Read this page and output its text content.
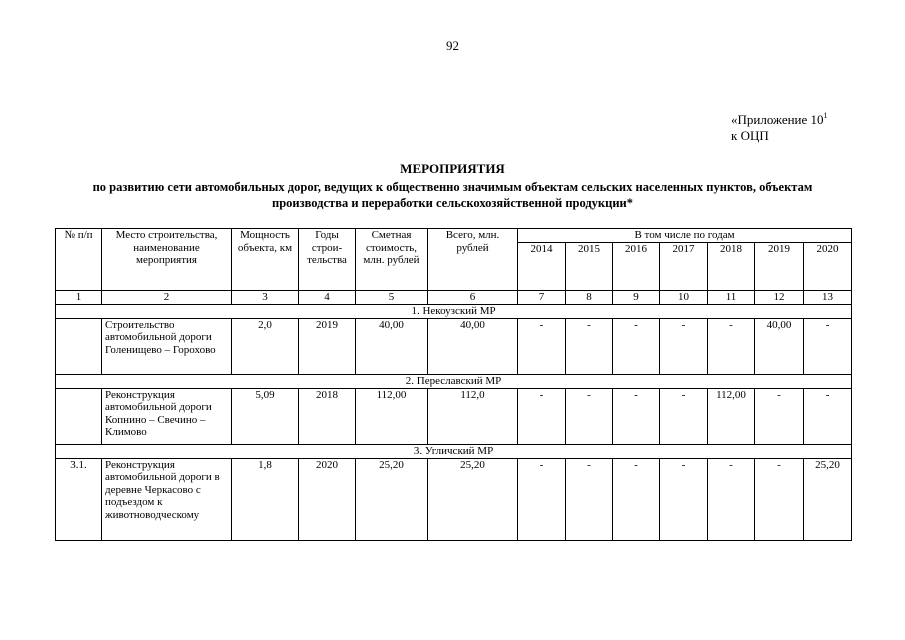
92
«Приложение $10^1$
к ОЦП
МЕРОПРИЯТИЯ
по развитию сети автомобильных дорог, ведущих к общественно значимым объектам сельских населенных пунктов, объектам производства и переработки сельскохозяйственной продукции*
№ п/п	Место строительства, наименование мероприятия	Мощность объекта, км	Годы строи-тельства	Сметная стоимость, млн. рублей	Всего, млн. рублей	В том числе по годам						
						2014	2015	2016	2017	2018	2019	2020
1	2	3	4	5	6	7	8	9	10	11	12	13
1. Некоузский МР												
	Строительство автомобильной дороги Голенищево – Горохово	2,0	2019	40,00	40,00	-	-	-	-	-	40,00	-
2. Переславский МР												
	Реконструкция автомобильной дороги Копнино – Свечино – Климово	5,09	2018	112,00	112,0	-	-	-	-	112,00	-	-
3. Угличский МР												
3.1.	Реконструкция автомобильной дороги в деревне Черкасово с подъездом к животноводческому	1,8	2020	25,20	25,20	-	-	-	-	-	-	25,20
